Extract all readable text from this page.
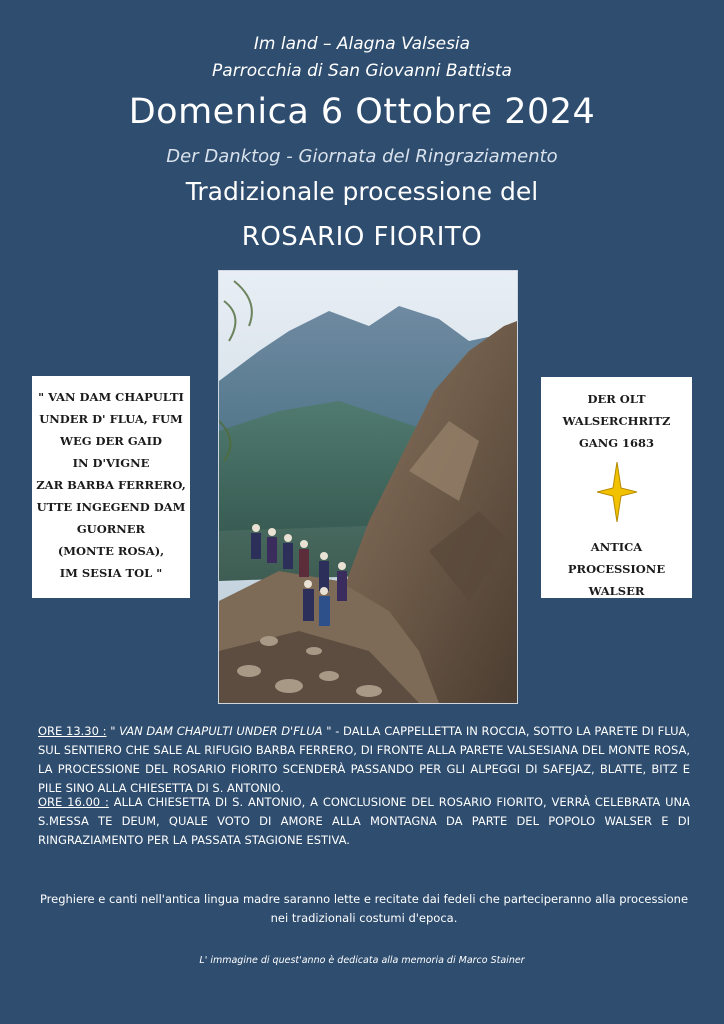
Im land – Alagna Valsesia
Parrocchia di San Giovanni Battista
Domenica 6 Ottobre 2024
Der Danktog - Giornata del Ringraziamento
Tradizionale processione del
ROSARIO FIORITO
" VAN DAM CHAPULTI
UNDER D' FLUA, FUM
WEG DER GAID
IN D'VIGNE
ZAR BARBA FERRERO,
UTTE INGEGEND DAM
GUORNER
(MONTE ROSA),
IM SESIA TOL "
DER OLT
WALSERCHRITZ
GANG 1683
ANTICA
PROCESSIONE
WALSER
ORE 13.30 : " VAN DAM CHAPULTI UNDER D'FLUA " - DALLA CAPPELLETTA IN ROCCIA, SOTTO LA PARETE DI FLUA, SUL SENTIERO CHE SALE AL RIFUGIO BARBA FERRERO, DI FRONTE ALLA PARETE VALSESIANA DEL MONTE ROSA, LA PROCESSIONE DEL ROSARIO FIORITO SCENDERÀ PASSANDO PER GLI ALPEGGI DI SAFEJAZ, BLATTE, BITZ E PILE SINO ALLA CHIESETTA DI S. ANTONIO.
ORE 16.00 : ALLA CHIESETTA DI S. ANTONIO, A CONCLUSIONE DEL ROSARIO FIORITO, VERRÀ CELEBRATA UNA S.MESSA TE DEUM, QUALE VOTO DI AMORE ALLA MONTAGNA DA PARTE DEL POPOLO WALSER E DI RINGRAZIAMENTO PER LA PASSATA STAGIONE ESTIVA.
Preghiere e canti nell'antica lingua madre saranno lette e recitate dai fedeli che parteciperanno alla processione nei tradizionali costumi d'epoca.
L' immagine di quest'anno è dedicata alla memoria di Marco Stainer
